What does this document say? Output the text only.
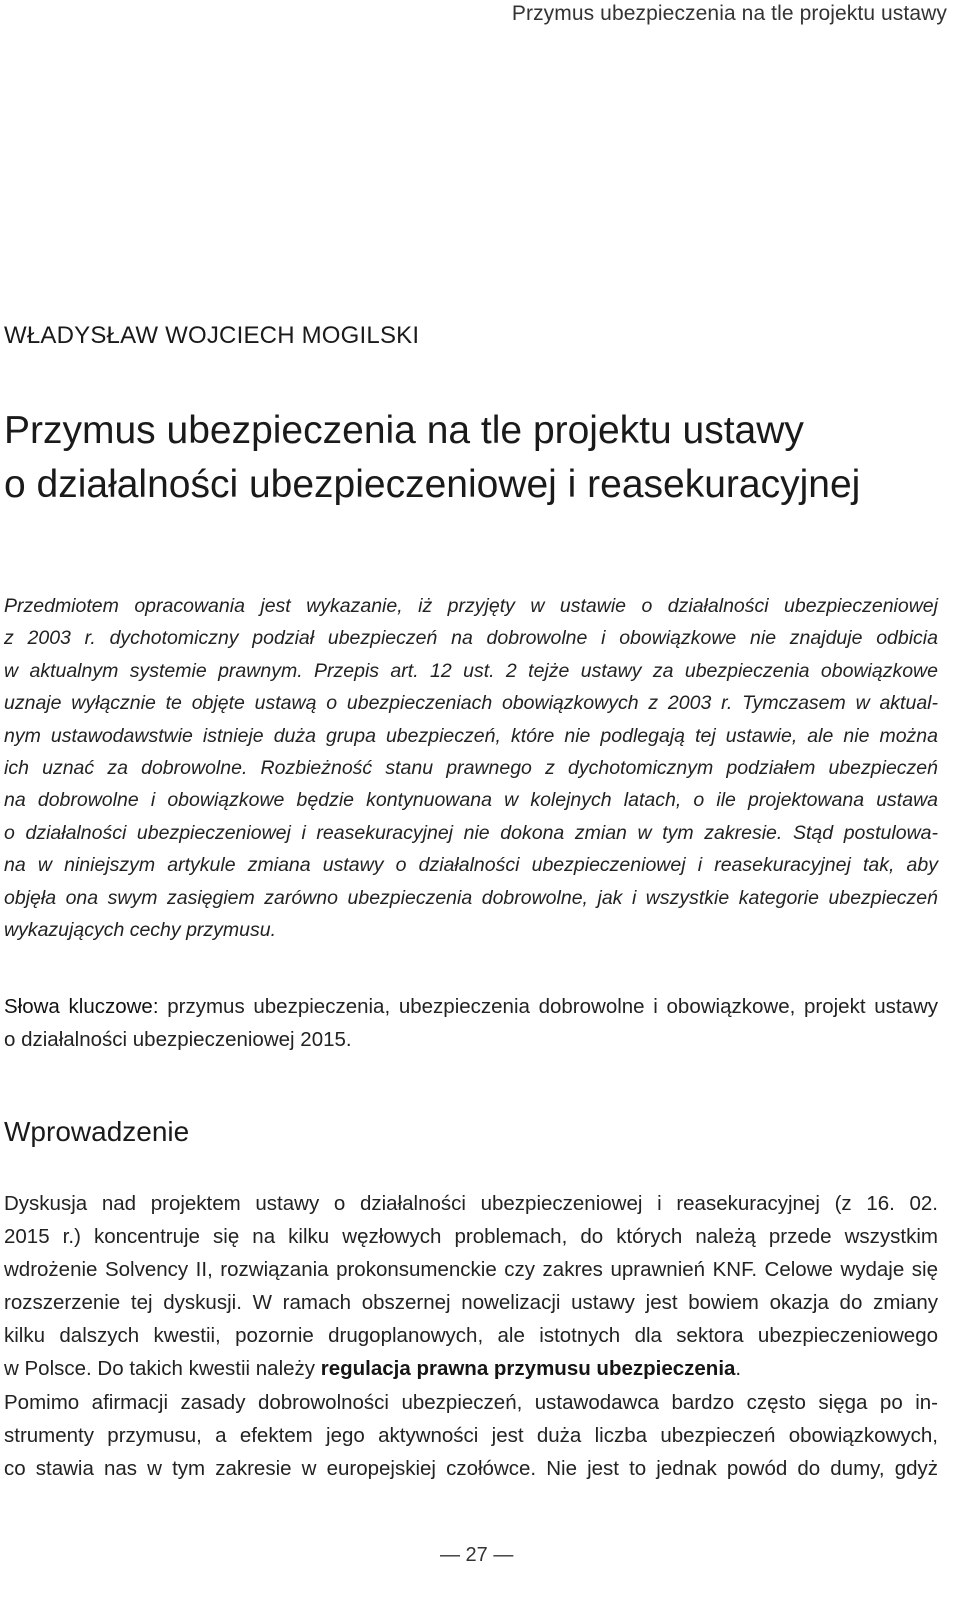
Przymus ubezpieczenia na tle projektu ustawy
WŁADYSŁAW WOJCIECH MOGILSKI
Przymus ubezpieczenia na tle projektu ustawy
o działalności ubezpieczeniowej i reasekuracyjnej
Przedmiotem opracowania jest wykazanie, iż przyjęty w ustawie o działalności ubezpieczeniowej
z 2003 r. dychotomiczny podział ubezpieczeń na dobrowolne i obowiązkowe nie znajduje odbicia
w aktualnym systemie prawnym. Przepis art. 12 ust. 2 tejże ustawy za ubezpieczenia obowiązkowe
uznaje wyłącznie te objęte ustawą o ubezpieczeniach obowiązkowych z 2003 r. Tymczasem w aktual-
nym ustawodawstwie istnieje duża grupa ubezpieczeń, które nie podlegają tej ustawie, ale nie można
ich uznać za dobrowolne. Rozbieżność stanu prawnego z dychotomicznym podziałem ubezpieczeń
na dobrowolne i obowiązkowe będzie kontynuowana w kolejnych latach, o ile projektowana ustawa
o działalności ubezpieczeniowej i reasekuracyjnej nie dokona zmian w tym zakresie. Stąd postulowa-
na w niniejszym artykule zmiana ustawy o działalności ubezpieczeniowej i reasekuracyjnej tak, aby
objęła ona swym zasięgiem zarówno ubezpieczenia dobrowolne, jak i wszystkie kategorie ubezpieczeń
wykazujących cechy przymusu.
Słowa kluczowe: przymus ubezpieczenia, ubezpieczenia dobrowolne i obowiązkowe, projekt ustawy
o działalności ubezpieczeniowej 2015.
Wprowadzenie
Dyskusja nad projektem ustawy o działalności ubezpieczeniowej i reasekuracyjnej (z 16. 02.
2015 r.) koncentruje się na kilku węzłowych problemach, do których należą przede wszystkim
wdrożenie Solvency II, rozwiązania prokonsumenckie czy zakres uprawnień KNF. Celowe wydaje się
rozszerzenie tej dyskusji. W ramach obszernej nowelizacji ustawy jest bowiem okazja do zmiany
kilku dalszych kwestii, pozornie drugoplanowych, ale istotnych dla sektora ubezpieczeniowego
w Polsce. Do takich kwestii należy regulacja prawna przymusu ubezpieczenia.
Pomimo afirmacji zasady dobrowolności ubezpieczeń, ustawodawca bardzo często sięga po in-
strumenty przymusu, a efektem jego aktywności jest duża liczba ubezpieczeń obowiązkowych,
co stawia nas w tym zakresie w europejskiej czołówce. Nie jest to jednak powód do dumy, gdyż
— 27 —
